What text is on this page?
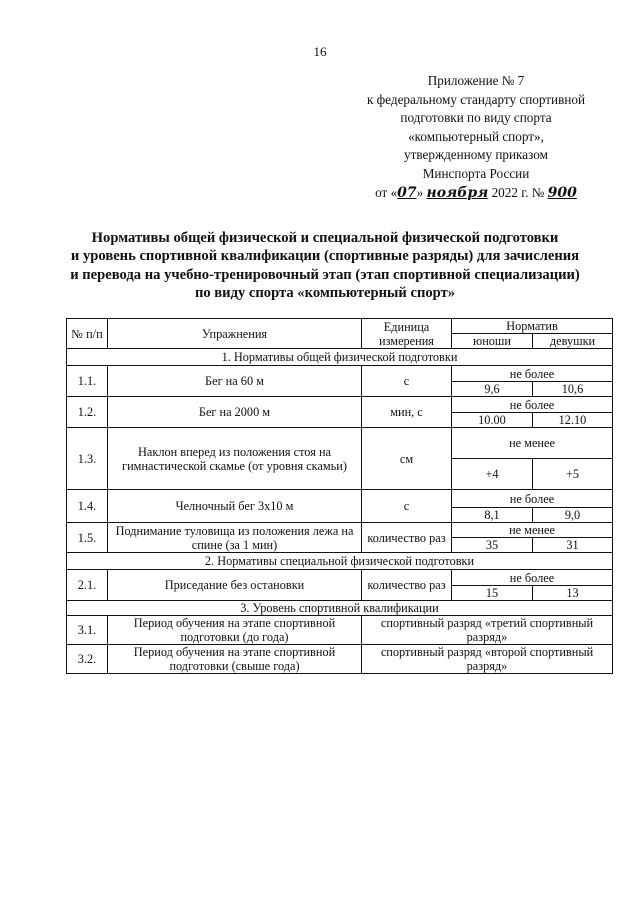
16
Приложение № 7
к федеральному стандарту спортивной
подготовки по виду спорта
«компьютерный спорт»,
утвержденному приказом
Минспорта России
от «07» ноября 2022 г. № 900
Нормативы общей физической и специальной физической подготовки
и уровень спортивной квалификации (спортивные разряды) для зачисления
и перевода на учебно-тренировочный этап (этап спортивной специализации)
по виду спорта «компьютерный спорт»
№ п/п	Упражнения	Единица измерения	Норматив	
			юноши	девушки
1. Нормативы общей физической подготовки				
1.1.	Бег на 60 м	с	не более	
			9,6	10,6
1.2.	Бег на 2000 м	мин, с	не более	
			10.00	12.10
1.3.	Наклон вперед из положения стоя на гимнастической скамье (от уровня скамьи)	см	не менее	
			+4	+5
1.4.	Челночный бег 3х10 м	с	не более	
			8,1	9,0
1.5.	Поднимание туловища из положения лежа на спине (за 1 мин)	количество раз	не менее	
			35	31
2. Нормативы специальной физической подготовки				
2.1.	Приседание без остановки	количество раз	не более	
			15	13
3. Уровень спортивной квалификации				
3.1.	Период обучения на этапе спортивной подготовки (до года)	спортивный разряд «третий спортивный разряд»		
3.2.	Период обучения на этапе спортивной подготовки (свыше года)	спортивный разряд «второй спортивный разряд»		
